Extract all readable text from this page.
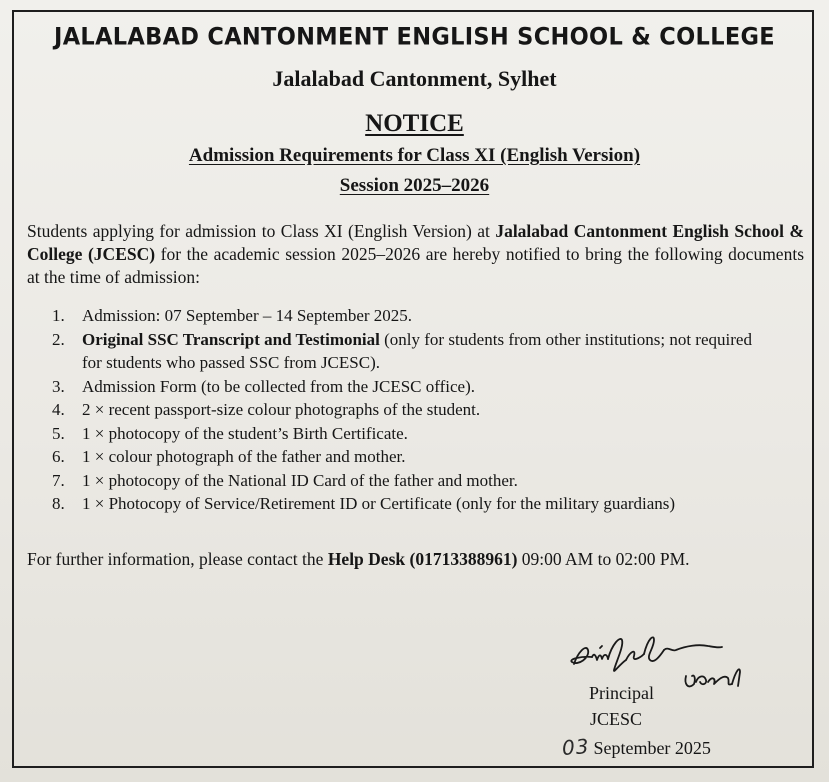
JALALABAD CANTONMENT ENGLISH SCHOOL & COLLEGE
Jalalabad Cantonment, Sylhet
NOTICE
Admission Requirements for Class XI (English Version)
Session 2025–2026

Students applying for admission to Class XI (English Version) at Jalalabad Cantonment English School & College (JCESC) for the academic session 2025–2026 are hereby notified to bring the following documents at the time of admission:

1.	Admission: 07 September – 14 September 2025.
2.	Original SSC Transcript and Testimonial (only for students from other institutions; not required for students who passed SSC from JCESC).
3.	Admission Form (to be collected from the JCESC office).
4.	2 × recent passport-size colour photographs of the student.
5.	1 × photocopy of the student’s Birth Certificate.
6.	1 × colour photograph of the father and mother.
7.	1 × photocopy of the National ID Card of the father and mother.
8.	1 × Photocopy of Service/Retirement ID or Certificate (only for the military guardians)

For further information, please contact the Help Desk (01713388961) 09:00 AM to 02:00 PM.

Principal
JCESC
03 September 2025
